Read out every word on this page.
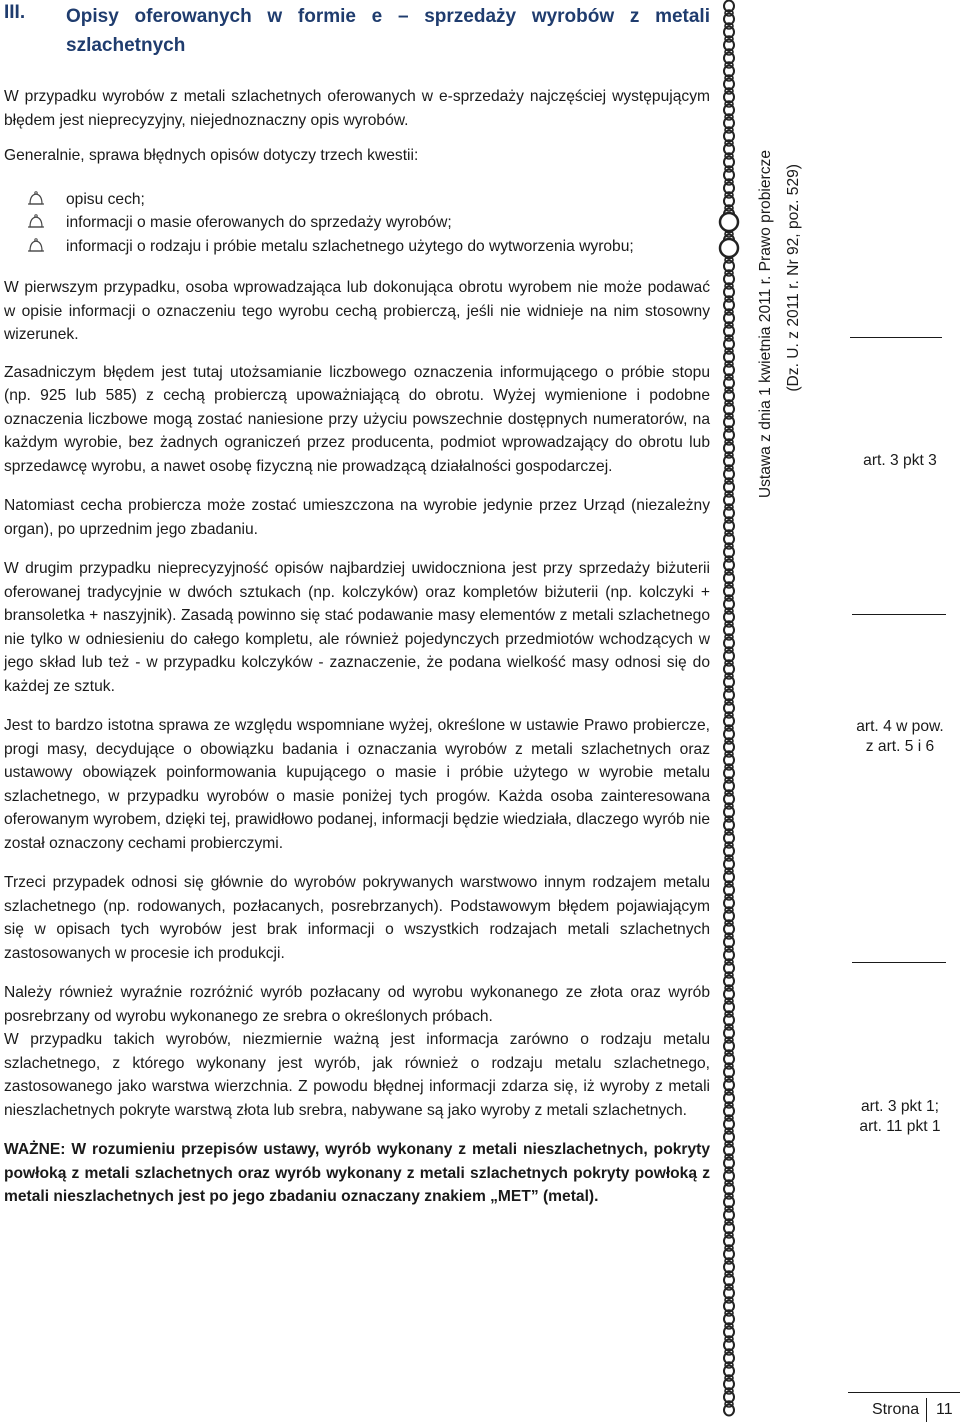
III. Opisy oferowanych w formie e – sprzedaży wyrobów z metali szlachetnych

W przypadku wyrobów z metali szlachetnych oferowanych w e-sprzedaży najczęściej występującym błędem jest nieprecyzyjny, niejednoznaczny opis wyrobów.

Generalnie, sprawa błędnych opisów dotyczy trzech kwestii:

opisu cech;
informacji o masie oferowanych do sprzedaży wyrobów;
informacji o rodzaju i próbie metalu szlachetnego użytego do wytworzenia wyrobu;

W pierwszym przypadku, osoba wprowadzająca lub dokonująca obrotu wyrobem nie może podawać w opisie informacji o oznaczeniu tego wyrobu cechą probierczą, jeśli nie widnieje na nim stosowny wizerunek.

Zasadniczym błędem jest tutaj utożsamianie liczbowego oznaczenia informującego o próbie stopu (np. 925 lub 585) z cechą probierczą upoważniającą do obrotu. Wyżej wymienione i podobne oznaczenia liczbowe mogą zostać naniesione przy użyciu powszechnie dostępnych numeratorów, na każdym wyrobie, bez żadnych ograniczeń przez producenta, podmiot wprowadzający do obrotu lub sprzedawcę wyrobu, a nawet osobę fizyczną nie prowadzącą działalności gospodarczej.

Natomiast cecha probiercza może zostać umieszczona na wyrobie jedynie przez Urząd (niezależny organ), po uprzednim jego zbadaniu.

W drugim przypadku nieprecyzyjność opisów najbardziej uwidoczniona jest przy sprzedaży biżuterii oferowanej tradycyjnie w dwóch sztukach (np. kolczyków) oraz kompletów biżuterii (np. kolczyki + bransoletka + naszyjnik). Zasadą powinno się stać podawanie masy elementów z metali szlachetnego nie tylko w odniesieniu do całego kompletu, ale również pojedynczych przedmiotów wchodzących w jego skład lub też - w przypadku kolczyków - zaznaczenie, że podana wielkość masy odnosi się do każdej ze sztuk.

Jest to bardzo istotna sprawa ze względu wspomniane wyżej, określone w ustawie Prawo probiercze, progi masy, decydujące o obowiązku badania i oznaczania wyrobów z metali szlachetnych oraz ustawowy obowiązek poinformowania kupującego o masie i próbie użytego w wyrobie metalu szlachetnego, w przypadku wyrobów o masie poniżej tych progów. Każda osoba zainteresowana oferowanym wyrobem, dzięki tej, prawidłowo podanej, informacji będzie wiedziała, dlaczego wyrób nie został oznaczony cechami probierczymi.

Trzeci przypadek odnosi się głównie do wyrobów pokrywanych warstwowo innym rodzajem metalu szlachetnego (np. rodowanych, pozłacanych, posrebrzanych). Podstawowym błędem pojawiającym się w opisach tych wyrobów jest brak informacji o wszystkich rodzajach metali szlachetnych zastosowanych w procesie ich produkcji.

Należy również wyraźnie rozróżnić wyrób pozłacany od wyrobu wykonanego ze złota oraz wyrób posrebrzany od wyrobu wykonanego ze srebra o określonych próbach.

W przypadku takich wyrobów, niezmiernie ważną jest informacja zarówno o rodzaju metalu szlachetnego, z którego wykonany jest wyrób, jak również o rodzaju metalu szlachetnego, zastosowanego jako warstwa wierzchnia. Z powodu błędnej informacji zdarza się, iż wyroby z metali nieszlachetnych pokryte warstwą złota lub srebra, nabywane są jako wyroby z metali szlachetnych.

WAŻNE: W rozumieniu przepisów ustawy, wyrób wykonany z metali nieszlachetnych, pokryty powłoką z metali szlachetnych oraz wyrób wykonany z metali szlachetnych pokryty powłoką z metali nieszlachetnych jest po jego zbadaniu oznaczany znakiem „MET” (metal).

Ustawa z dnia 1 kwietnia 2011 r. Prawo probiercze (Dz. U. z 2011 r. Nr 92, poz. 529)
art. 3 pkt 3
art. 4 w pow.
z art. 5 i 6
art. 3 pkt 1;
art. 11 pkt 1
Strona 11
